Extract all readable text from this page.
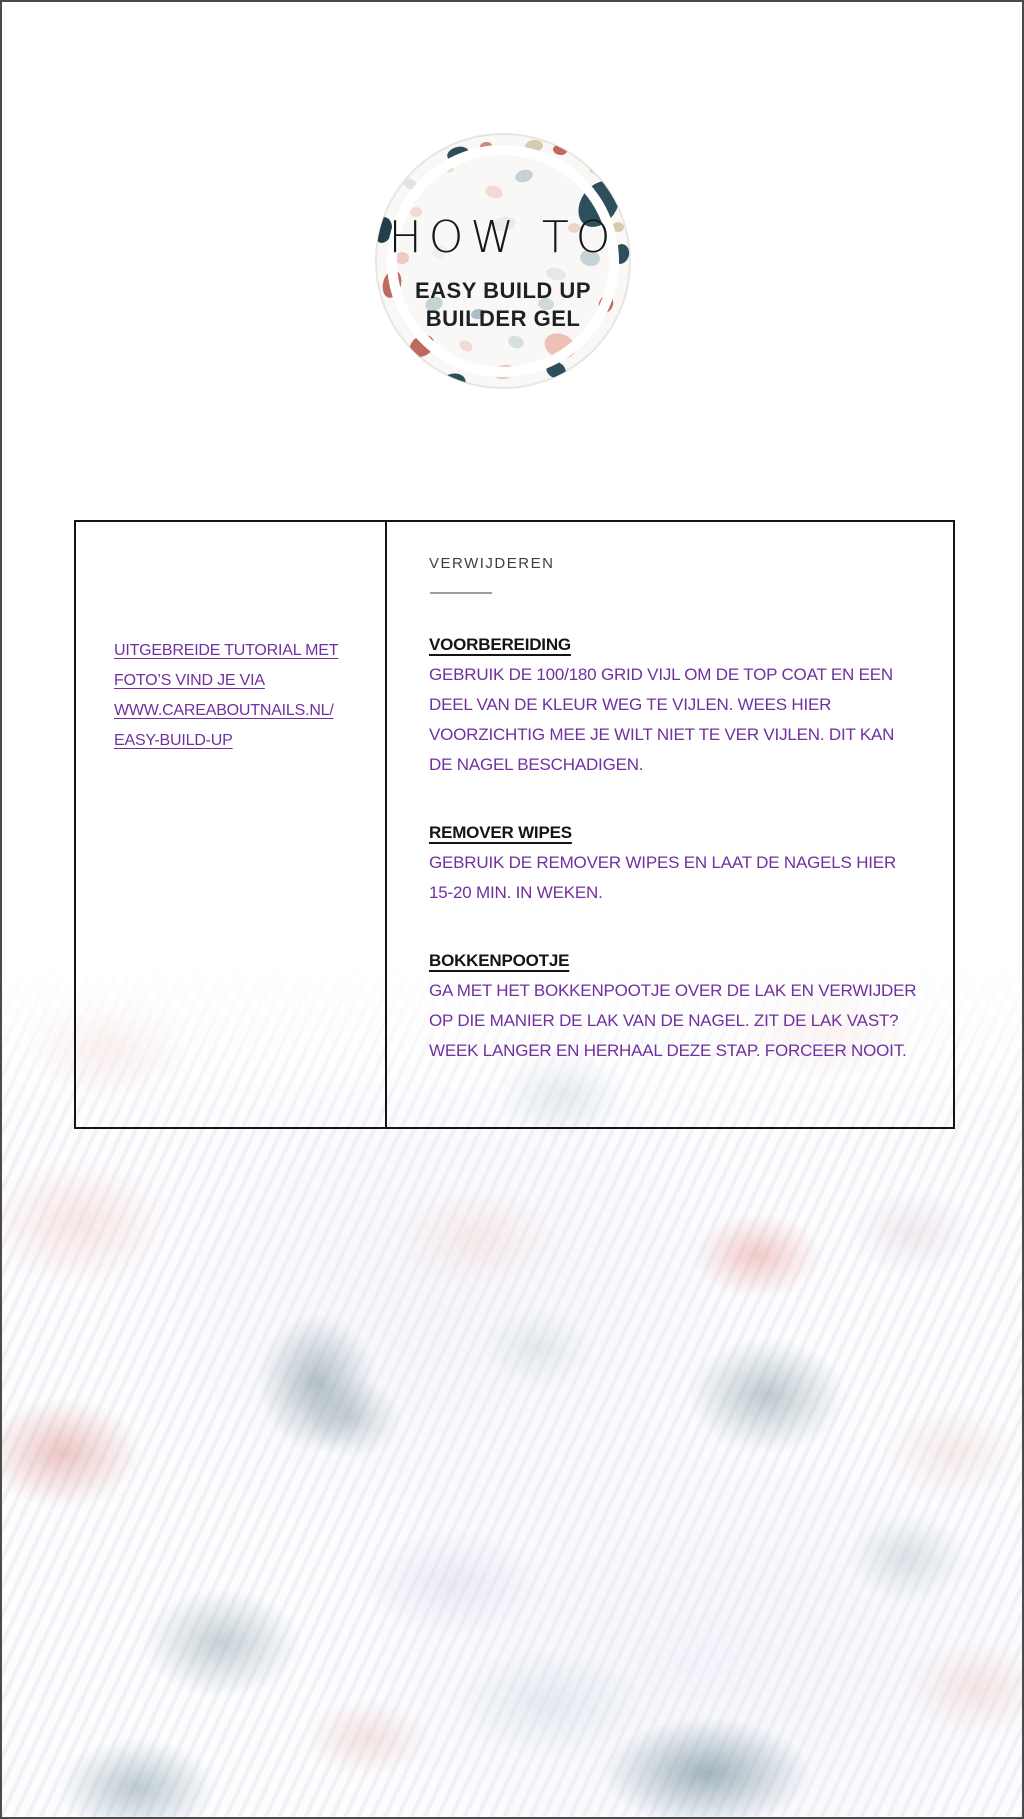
HOW TO
EASY BUILD UP
BUILDER GEL
UITGEBREIDE TUTORIAL MET
FOTO’S VIND JE VIA
WWW.CAREABOUTNAILS.NL/
EASY-BUILD-UP
VERWIJDEREN
VOORBEREIDING
GEBRUIK DE 100/180 GRID VIJL OM DE TOP COAT EN EEN
DEEL VAN DE KLEUR WEG TE VIJLEN. WEES HIER
VOORZICHTIG MEE JE WILT NIET TE VER VIJLEN. DIT KAN
DE NAGEL BESCHADIGEN.
REMOVER WIPES
GEBRUIK DE REMOVER WIPES EN LAAT DE NAGELS HIER
15-20 MIN. IN WEKEN.
BOKKENPOOTJE
GA MET HET BOKKENPOOTJE OVER DE LAK EN VERWIJDER
OP DIE MANIER DE LAK VAN DE NAGEL. ZIT DE LAK VAST?
WEEK LANGER EN HERHAAL DEZE STAP. FORCEER NOOIT.
